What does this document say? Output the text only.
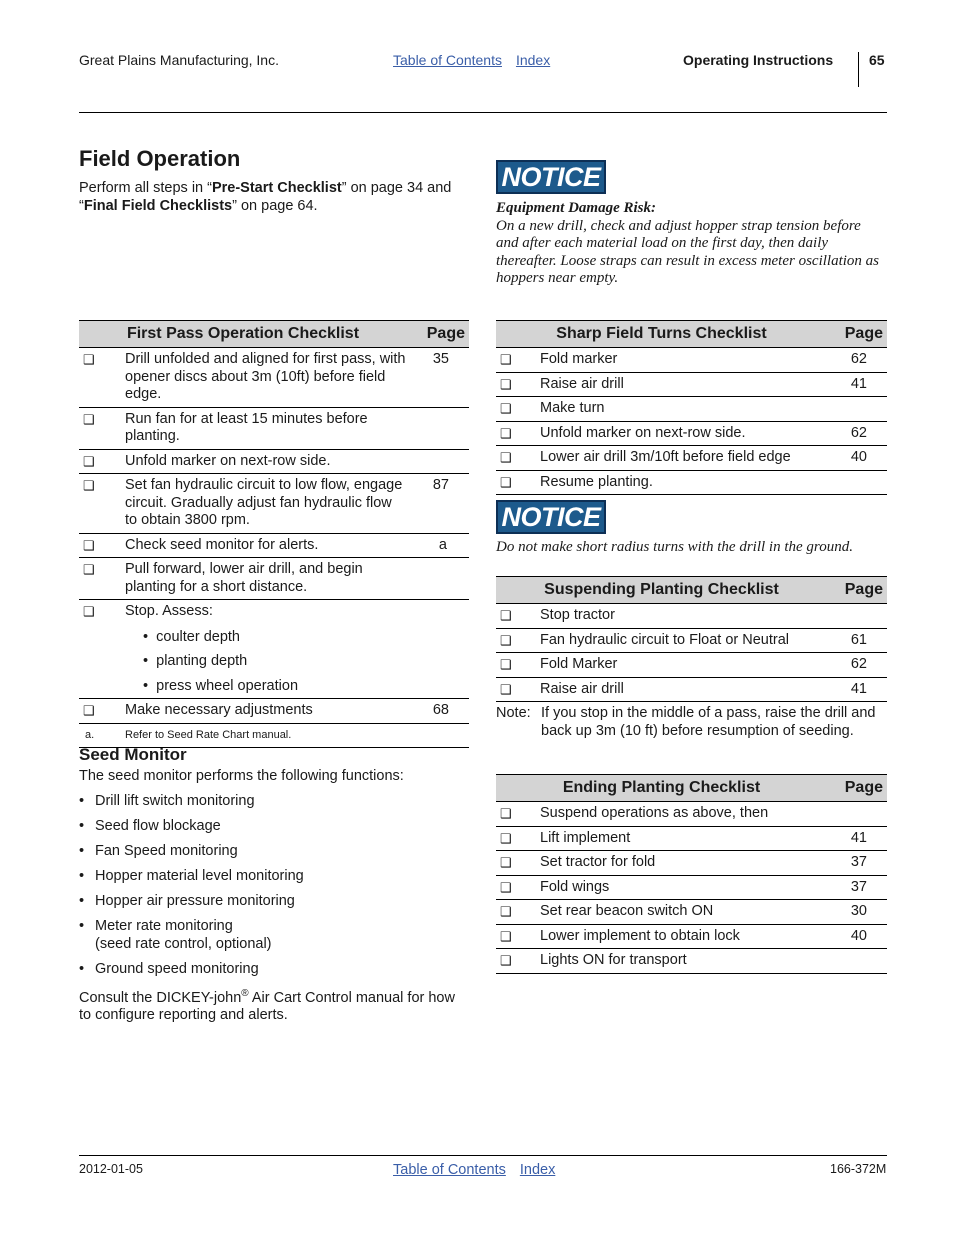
Great Plains Manufacturing, Inc.	Table of Contents Index	Operating Instructions	65
Field Operation
Perform all steps in “Pre-Start Checklist” on page 34 and “Final Field Checklists” on page 64.
First Pass Operation Checklist		Page
❑	Drill unfolded and aligned for first pass, with opener discs about 3m (10ft) before field edge.	35
❑	Run fan for at least 15 minutes before planting.	
❑	Unfold marker on next-row side.	
❑	Set fan hydraulic circuit to low flow, engage circuit. Gradually adjust fan hydraulic flow to obtain 3800 rpm.	87
❑	Check seed monitor for alerts.	a
❑	Pull forward, lower air drill, and begin planting for a short distance.	
❑	Stop. Assess:
•  coulter depth
•  planting depth
•  press wheel operation	

❑	Make necessary adjustments	68
a.	Refer to Seed Rate Chart manual.	
Seed Monitor
The seed monitor performs the following functions:
• Drill lift switch monitoring
• Seed flow blockage
• Fan Speed monitoring
• Hopper material level monitoring
• Hopper air pressure monitoring
• Meter rate monitoring
(seed rate control, optional)
• Ground speed monitoring
Consult the DICKEY-john® Air Cart Control manual for how to configure reporting and alerts.
NOTICE
Equipment Damage Risk:
On a new drill, check and adjust hopper strap tension before and after each material load on the first day, then daily thereafter. Loose straps can result in excess meter oscillation as hoppers near empty.
Sharp Field Turns Checklist		Page
❑	Fold marker	62
❑	Raise air drill	41
❑	Make turn	
❑	Unfold marker on next-row side.	62
❑	Lower air drill 3m/10ft before field edge	40
❑	Resume planting.	
NOTICE
Do not make short radius turns with the drill in the ground.
Suspending Planting Checklist		Page
❑	Stop tractor	
❑	Fan hydraulic circuit to Float or Neutral	61
❑	Fold Marker	62
❑	Raise air drill	41
Note: If you stop in the middle of a pass, raise the drill and back up 3m (10 ft) before resumption of seeding.
Ending Planting Checklist		Page
❑	Suspend operations as above, then	
❑	Lift implement	41
❑	Set tractor for fold	37
❑	Fold wings	37
❑	Set rear beacon switch ON	30
❑	Lower implement to obtain lock	40
❑	Lights ON for transport	
2012-01-05	Table of Contents Index	166-372M
